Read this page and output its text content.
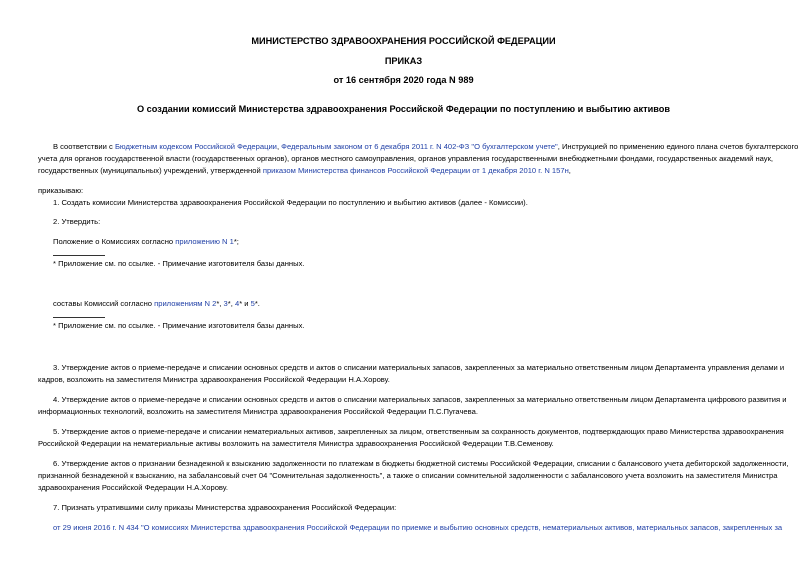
МИНИСТЕРСТВО ЗДРАВООХРАНЕНИЯ РОССИЙСКОЙ ФЕДЕРАЦИИ
ПРИКАЗ
от 16 сентября 2020 года N 989
О создании комиссий Министерства здравоохранения Российской Федерации по поступлению и выбытию активов
В соответствии с Бюджетным кодексом Российской Федерации, Федеральным законом от 6 декабря 2011 г. N 402-ФЗ "О бухгалтерском учете", Инструкцией по применению единого плана счетов бухгалтерского
учета для органов государственной власти (государственных органов), органов местного самоуправления, органов управления государственными внебюджетными фондами, государственных академий наук,
государственных (муниципальных) учреждений, утвержденной приказом Министерства финансов Российской Федерации от 1 декабря 2010 г. N 157н,
приказываю:
1. Создать комиссии Министерства здравоохранения Российской Федерации по поступлению и выбытию активов (далее - Комиссии).
2. Утвердить:
Положение о Комиссиях согласно приложению N 1*;
* Приложение см. по ссылке. - Примечание изготовителя базы данных.
составы Комиссий согласно приложениям N 2*, 3*, 4* и 5*.
* Приложение см. по ссылке. - Примечание изготовителя базы данных.
3. Утверждение актов о приеме-передаче и списании основных средств и актов о списании материальных запасов, закрепленных за материально ответственным лицом Департамента управления делами и
кадров, возложить на заместителя Министра здравоохранения Российской Федерации Н.А.Хорову.
4. Утверждение актов о приеме-передаче и списании основных средств и актов о списании материальных запасов, закрепленных за материально ответственным лицом Департамента цифрового развития и
информационных технологий, возложить на заместителя Министра здравоохранения Российской Федерации П.С.Пугачева.
5. Утверждение актов о приеме-передаче и списании нематериальных активов, закрепленных за лицом, ответственным за сохранность документов, подтверждающих право Министерства здравоохранения
Российской Федерации на нематериальные активы возложить на заместителя Министра здравоохранения Российской Федерации Т.В.Семенову.
6. Утверждение актов о признании безнадежной к взысканию задолженности по платежам в бюджеты бюджетной системы Российской Федерации, списании с балансового учета дебиторской задолженности,
признанной безнадежной к взысканию, на забалансовый счет 04 "Сомнительная задолженность", а также о списании сомнительной задолженности с забалансового учета возложить на заместителя Министра
здравоохранения Российской Федерации Н.А.Хорову.
7. Признать утратившими силу приказы Министерства здравоохранения Российской Федерации:
от 29 июня 2016 г. N 434 "О комиссиях Министерства здравоохранения Российской Федерации по приемке и выбытию основных средств, нематериальных активов, материальных запасов, закрепленных за
